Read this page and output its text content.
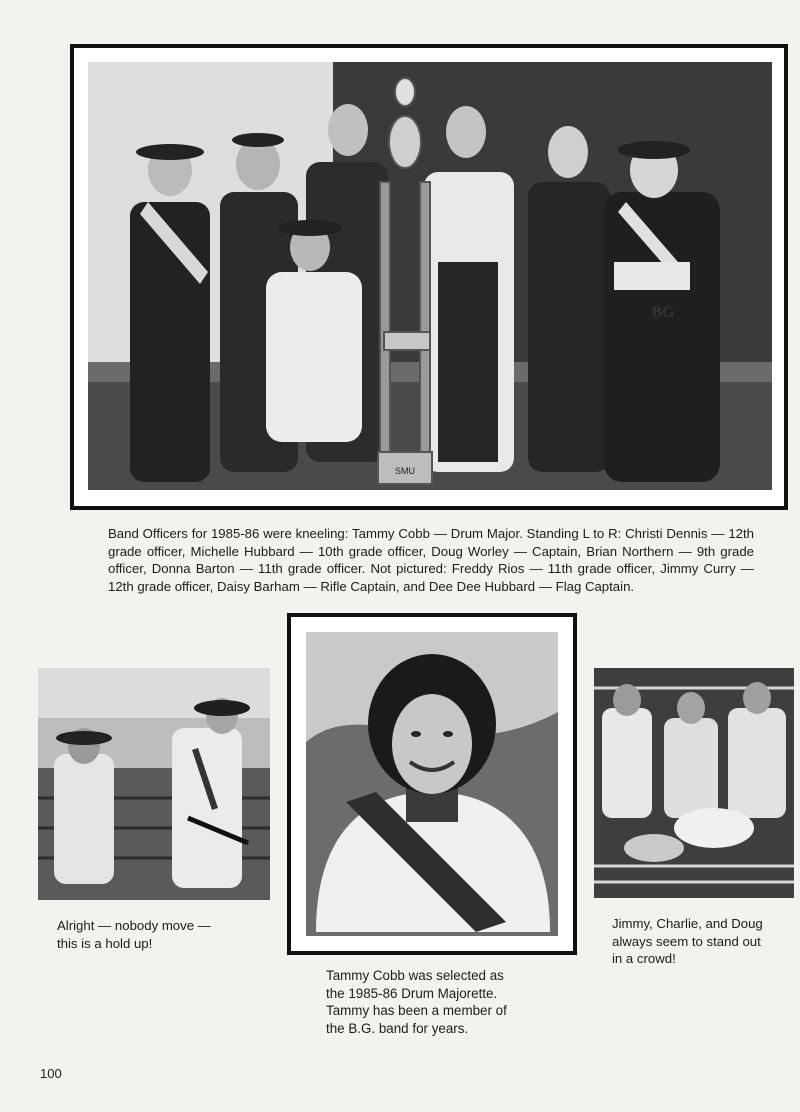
SMU
BG
Band Officers for 1985-86 were kneeling: Tammy Cobb — Drum Major. Standing L to R: Christi Dennis — 12th grade officer, Michelle Hubbard — 10th grade officer, Doug Worley — Captain, Brian Northern — 9th grade officer, Donna Barton — 11th grade officer. Not pictured: Freddy Rios — 11th grade officer, Jimmy Curry — 12th grade officer, Daisy Barham — Rifle Captain, and Dee Dee Hubbard — Flag Captain.
Alright — nobody move —
this is a hold up!
Tammy Cobb was selected as
the 1985-86 Drum Majorette.
Tammy has been a member of
the B.G. band for years.
Jimmy, Charlie, and Doug
always seem to stand out
in a crowd!
100
